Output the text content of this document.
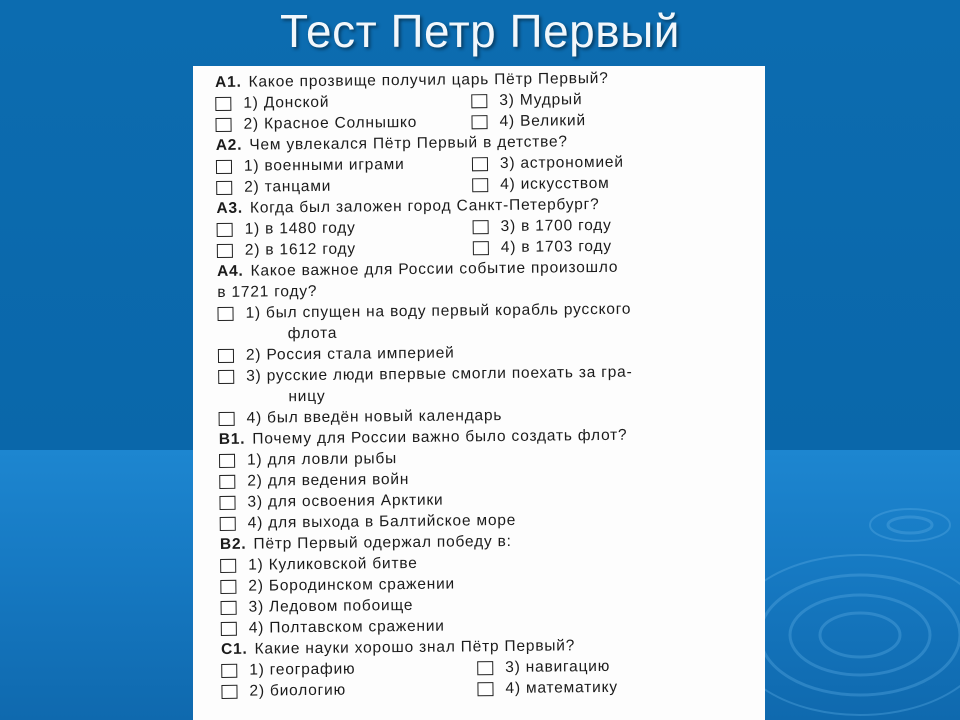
Тест Петр Первый
A1. Какое прозвище получил царь Пётр Первый?
1) Донской	3) Мудрый
2) Красное Солнышко	4) Великий
A2. Чем увлекался Пётр Первый в детстве?
1) военными играми	3) астрономией
2) танцами	4) искусством
A3. Когда был заложен город Санкт-Петербург?
1) в 1480 году	3) в 1700 году
2) в 1612 году	4) в 1703 году
A4. Какое важное для России событие произошло
в 1721 году?
1) был спущен на воду первый корабль русского
флота
2) Россия стала империей
3) русские люди впервые смогли поехать за гра-
ницу
4) был введён новый календарь
B1. Почему для России важно было создать флот?
1) для ловли рыбы
2) для ведения войн
3) для освоения Арктики
4) для выхода в Балтийское море
B2. Пётр Первый одержал победу в:
1) Куликовской битве
2) Бородинском сражении
3) Ледовом побоище
4) Полтавском сражении
C1. Какие науки хорошо знал Пётр Первый?
1) географию	3) навигацию
2) биологию	4) математику
